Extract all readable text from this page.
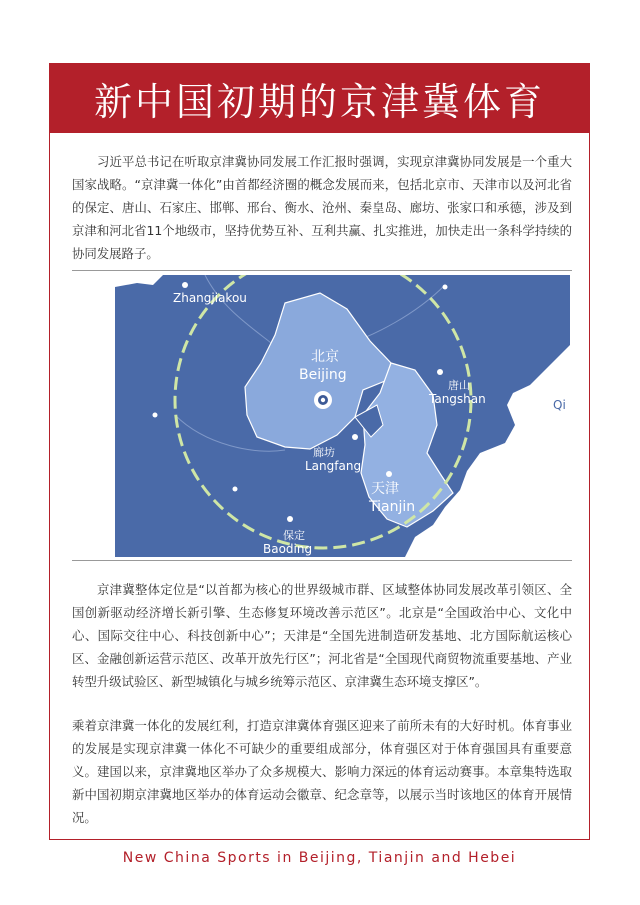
新中国初期的京津冀体育

习近平总书记在听取京津冀协同发展工作汇报时强调，实现京津冀协同发展是一个重大国家战略。“京津冀一体化”由首都经济圈的概念发展而来，包括北京市、天津市以及河北省的保定、唐山、石家庄、邯郸、邢台、衡水、沧州、秦皇岛、廊坊、张家口和承德，涉及到京津和河北省11个地级市，坚持优势互补、互利共赢、扎实推进，加快走出一条科学持续的协同发展路子。

Zhangjiakou
北京
Beijing
唐山
Tangshan	Qi
廊坊
Langfang
天津
Tianjin
保定
Baoding

京津冀整体定位是“以首都为核心的世界级城市群、区域整体协同发展改革引领区、全国创新驱动经济增长新引擎、生态修复环境改善示范区”。北京是“全国政治中心、文化中心、国际交往中心、科技创新中心”；天津是“全国先进制造研发基地、北方国际航运核心区、金融创新运营示范区、改革开放先行区”；河北省是“全国现代商贸物流重要基地、产业转型升级试验区、新型城镇化与城乡统筹示范区、京津冀生态环境支撑区”。

乘着京津冀一体化的发展红利，打造京津冀体育强区迎来了前所未有的大好时机。体育事业的发展是实现京津冀一体化不可缺少的重要组成部分，体育强区对于体育强国具有重要意义。建国以来，京津冀地区举办了众多规模大、影响力深远的体育运动赛事。本章集特选取新中国初期京津冀地区举办的体育运动会徽章、纪念章等，以展示当时该地区的体育开展情况。

New China Sports in Beijing, Tianjin and Hebei
